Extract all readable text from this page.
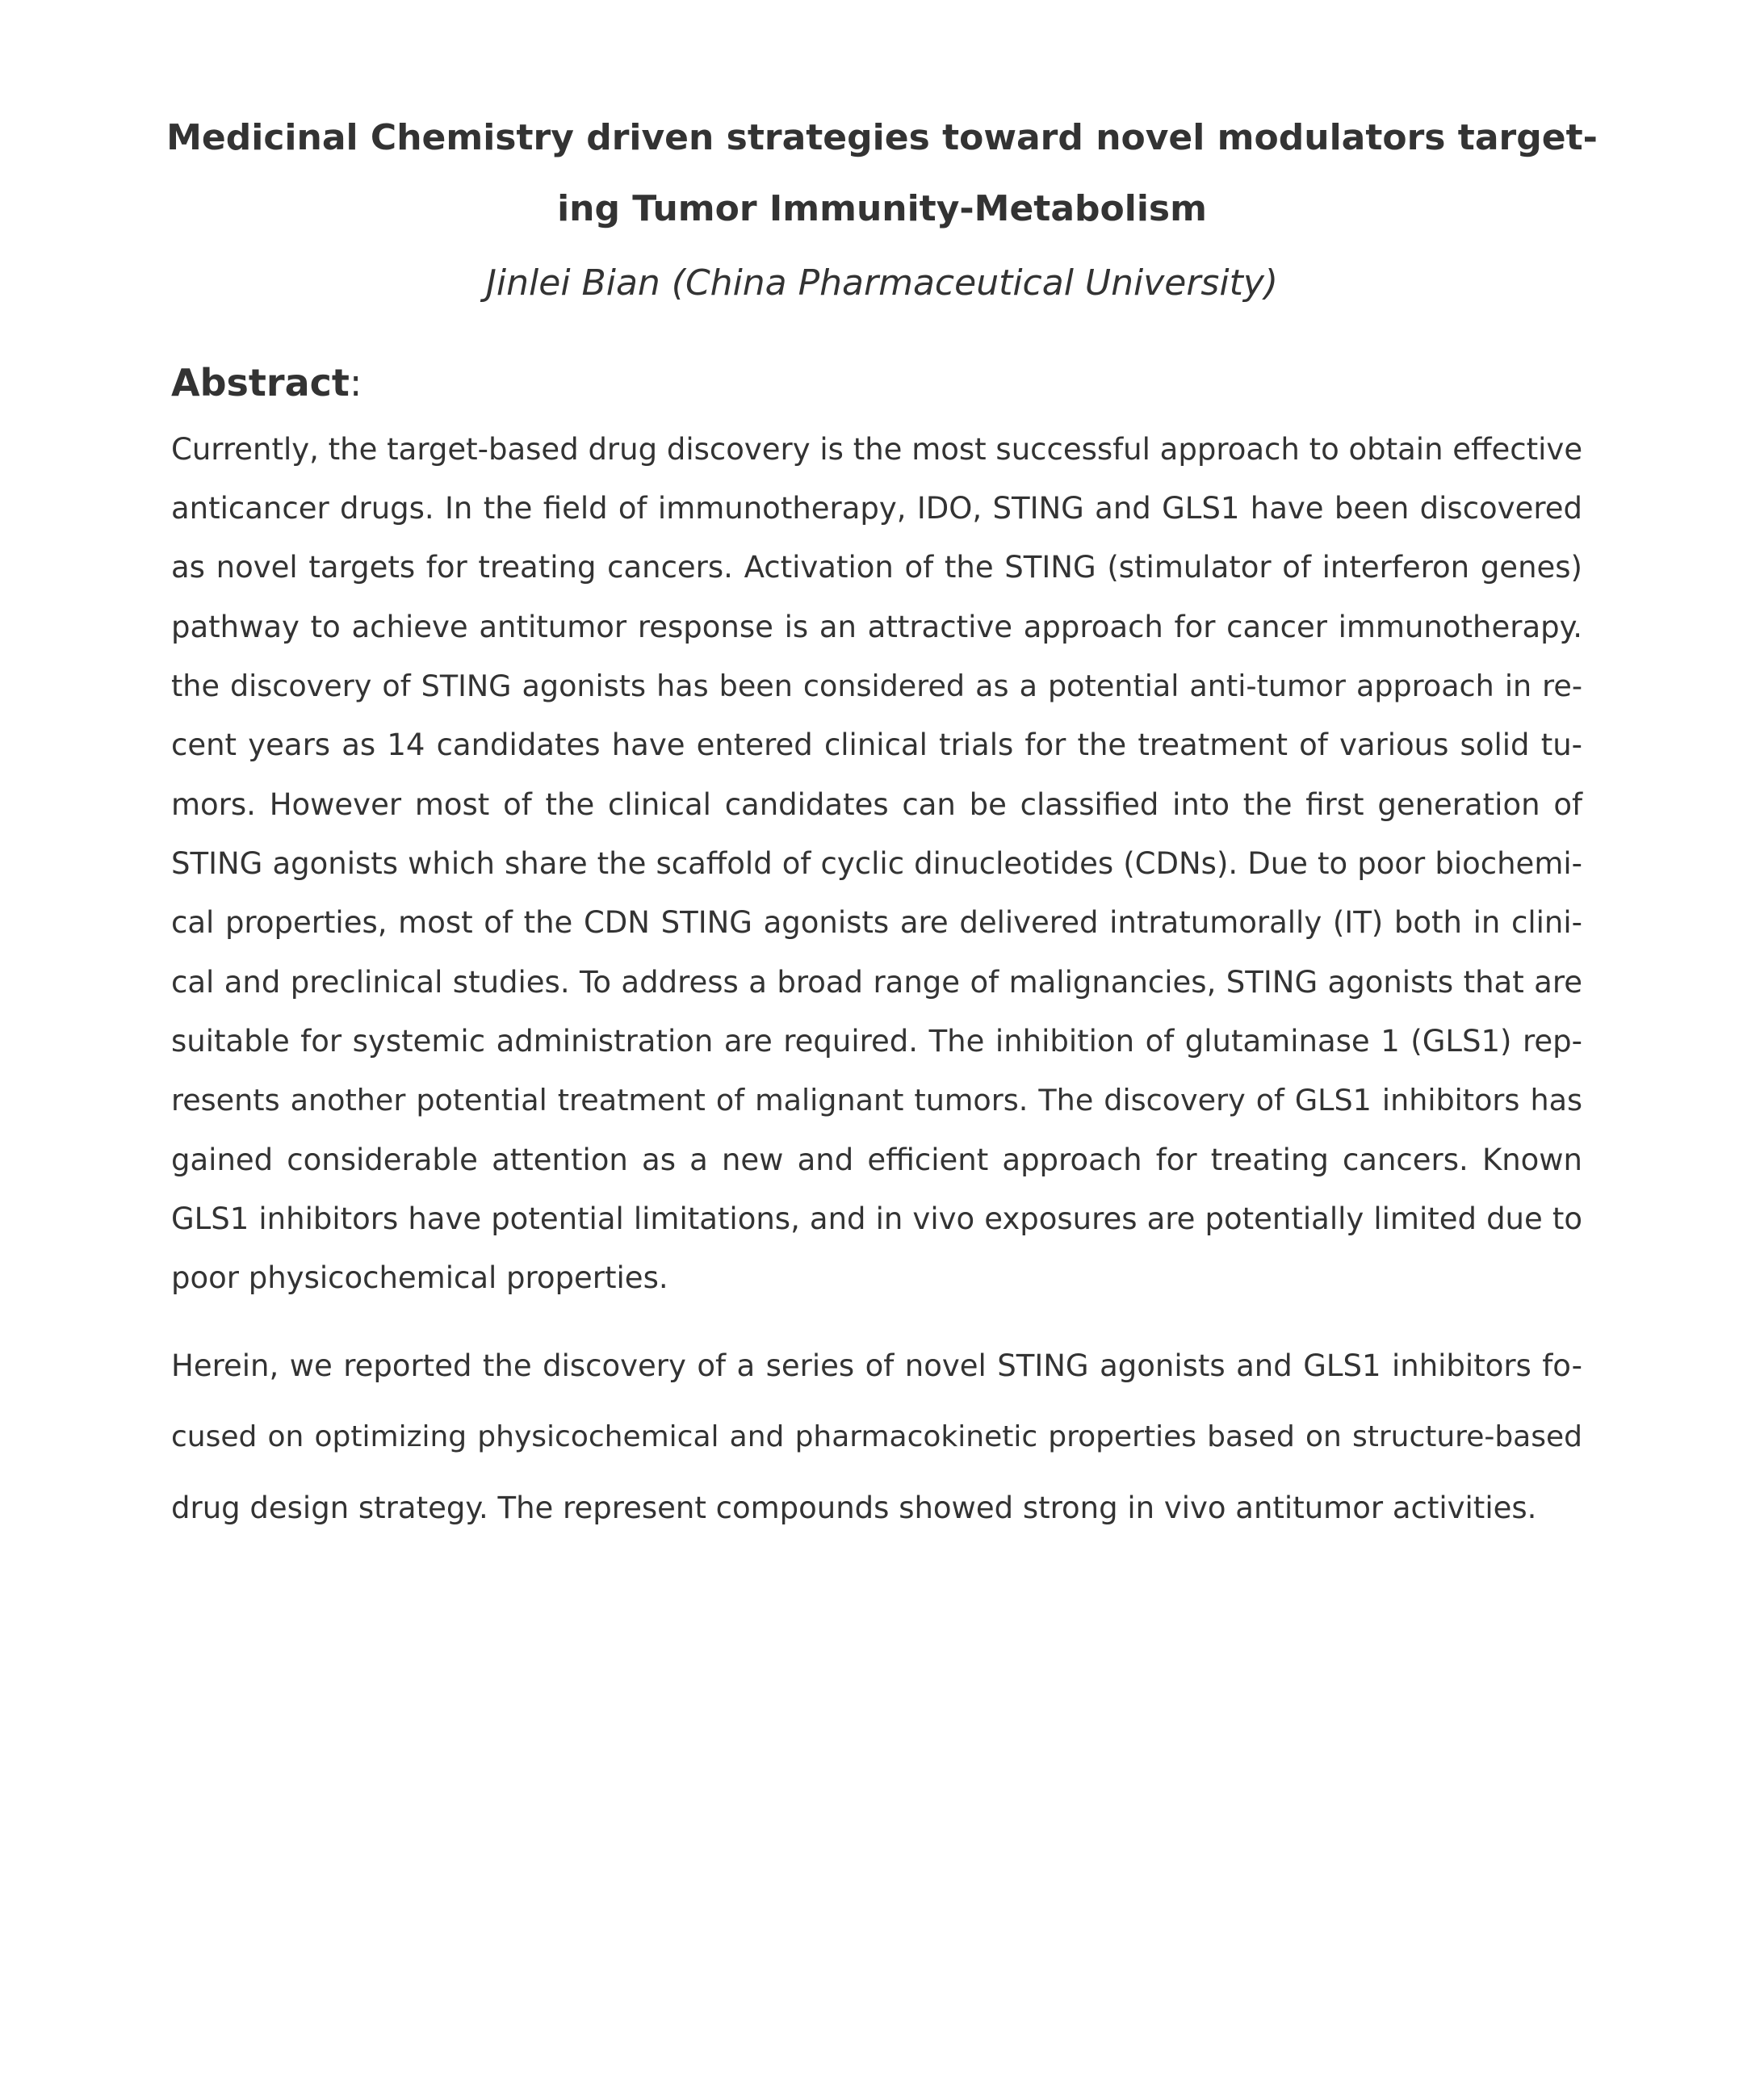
Medicinal Chemistry driven strategies toward novel modulators target-
ing Tumor Immunity-Metabolism
Jinlei Bian (China Pharmaceutical University)
Abstract:
Currently, the target-based drug discovery is the most successful approach to obtain effective
anticancer drugs. In the field of immunotherapy, IDO, STING and GLS1 have been discovered
as novel targets for treating cancers. Activation of the STING (stimulator of interferon genes)
pathway to achieve antitumor response is an attractive approach for cancer immunotherapy.
the discovery of STING agonists has been considered as a potential anti-tumor approach in re-
cent years as 14 candidates have entered clinical trials for the treatment of various solid tu-
mors. However most of the clinical candidates can be classified into the first generation of
STING agonists which share the scaffold of cyclic dinucleotides (CDNs). Due to poor biochemi-
cal properties, most of the CDN STING agonists are delivered intratumorally (IT) both in clini-
cal and preclinical studies. To address a broad range of malignancies, STING agonists that are
suitable for systemic administration are required. The inhibition of glutaminase 1 (GLS1) rep-
resents another potential treatment of malignant tumors. The discovery of GLS1 inhibitors has
gained considerable attention as a new and efficient approach for treating cancers. Known
GLS1 inhibitors have potential limitations, and in vivo exposures are potentially limited due to
poor physicochemical properties.
Herein, we reported the discovery of a series of novel STING agonists and GLS1 inhibitors fo-
cused on optimizing physicochemical and pharmacokinetic properties based on structure-based
drug design strategy. The represent compounds showed strong in vivo antitumor activities.
